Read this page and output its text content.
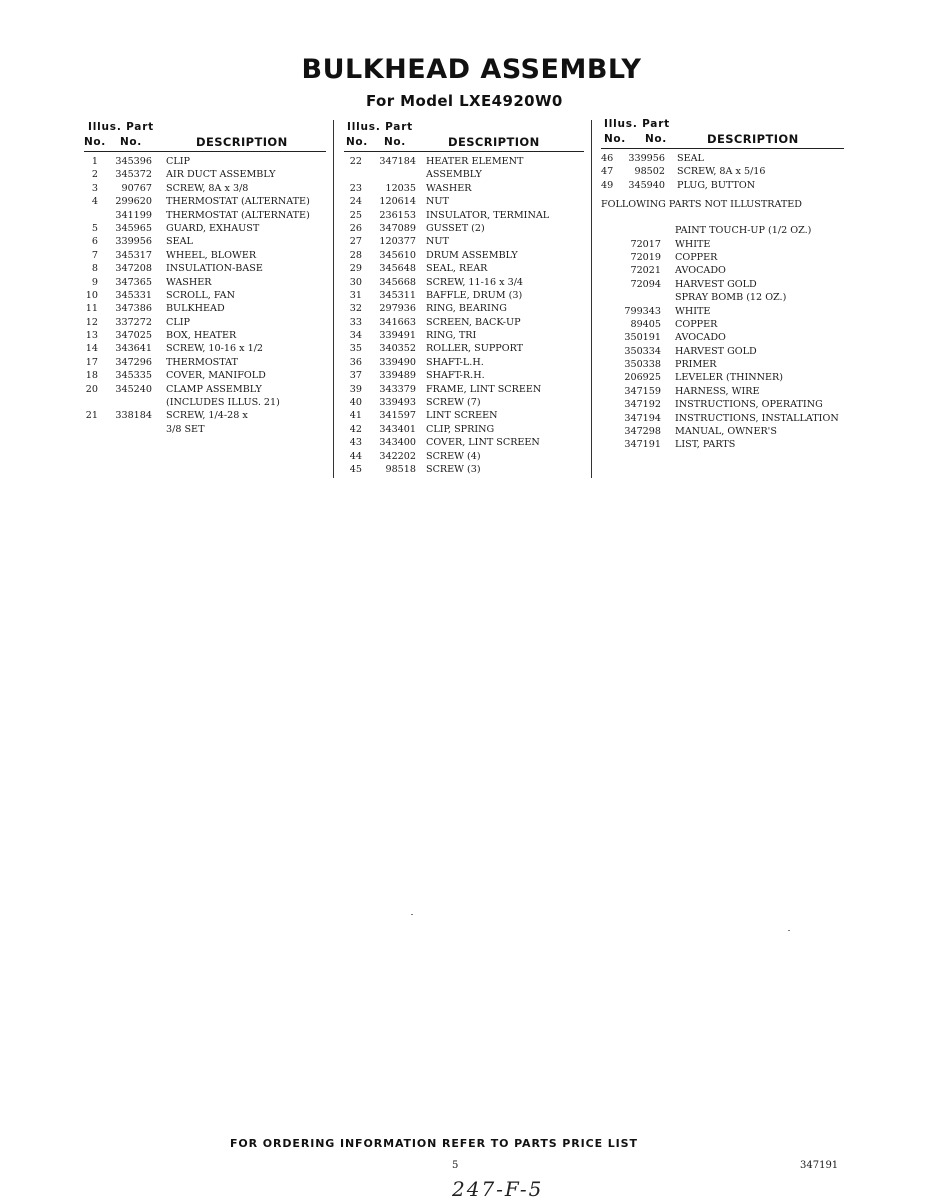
BULKHEAD ASSEMBLY
For Model LXE4920W0
Illus. Part
No. No.	DESCRIPTION
1	345396 CLIP
2	345372 AIR DUCT ASSEMBLY
3	90767 SCREW, 8A x 3/8
4	299620 THERMOSTAT (ALTERNATE)
341199 THERMOSTAT (ALTERNATE)
5	345965 GUARD, EXHAUST
6	339956 SEAL
7	345317 WHEEL, BLOWER
8	347208 INSULATION-BASE
9	347365 WASHER
10	345331 SCROLL, FAN
11	347386 BULKHEAD
12	337272 CLIP
13	347025 BOX, HEATER
14	343641 SCREW, 10-16 x 1/2
17	347296 THERMOSTAT
18	345335 COVER, MANIFOLD
20	345240 CLAMP ASSEMBLY
(INCLUDES ILLUS. 21)
21	338184 SCREW, 1/4-28 x
3/8 SET
Illus. Part
No. No.	DESCRIPTION
22	347184 HEATER ELEMENT
ASSEMBLY
23	12035 WASHER
24	120614 NUT
25	236153 INSULATOR, TERMINAL
26	347089 GUSSET (2)
27	120377 NUT
28	345610 DRUM ASSEMBLY
29	345648 SEAL, REAR
30	345668 SCREW, 11-16 x 3/4
31	345311 BAFFLE, DRUM (3)
32	297936 RING, BEARING
33	341663 SCREEN, BACK-UP
34	339491 RING, TRI
35	340352 ROLLER, SUPPORT
36	339490 SHAFT-L.H.
37	339489 SHAFT-R.H.
39	343379 FRAME, LINT SCREEN
40	339493 SCREW (7)
41	341597 LINT SCREEN
42	343401 CLIP, SPRING
43	343400 COVER, LINT SCREEN
44	342202 SCREW (4)
45	98518 SCREW (3)
Illus. Part
No. No.	DESCRIPTION
46	339956 SEAL
47	98502 SCREW, 8A x 5/16
49	345940 PLUG, BUTTON
FOLLOWING PARTS NOT ILLUSTRATED
PAINT TOUCH-UP (1/2 OZ.)
72017 WHITE
72019 COPPER
72021 AVOCADO
72094 HARVEST GOLD
SPRAY BOMB (12 OZ.)
799343 WHITE
89405 COPPER
350191 AVOCADO
350334 HARVEST GOLD
350338 PRIMER
206925 LEVELER (THINNER)
347159 HARNESS, WIRE
347192 INSTRUCTIONS, OPERATING
347194 INSTRUCTIONS, INSTALLATION
347298 MANUAL, OWNER'S
347191 LIST, PARTS
FOR ORDERING INFORMATION REFER TO PARTS PRICE LIST
5	347191
247-F-5
